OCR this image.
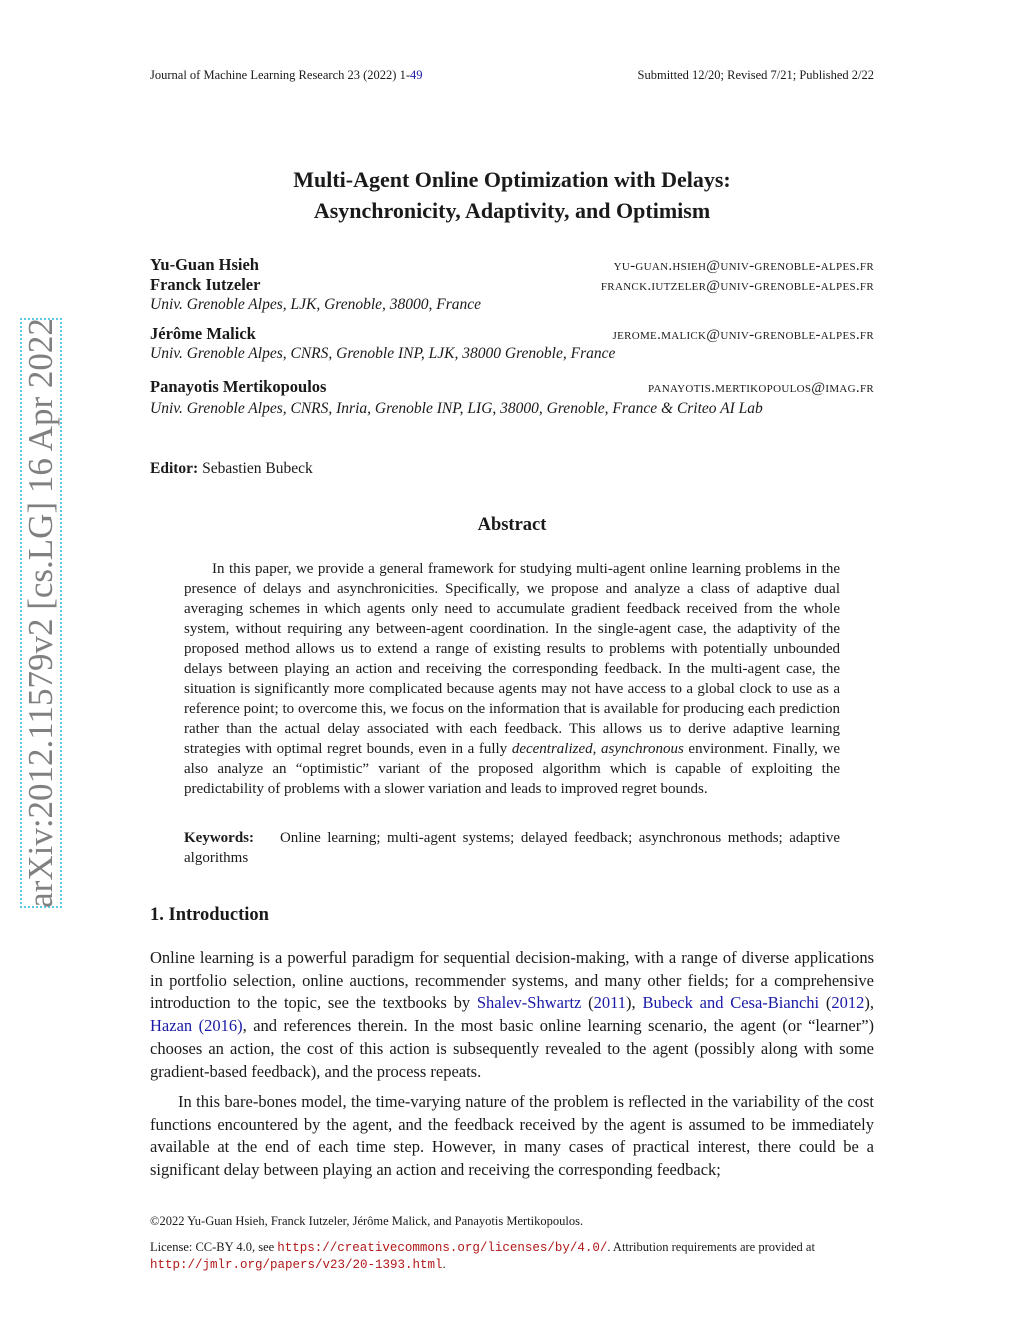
Journal of Machine Learning Research 23 (2022) 1-49	Submitted 12/20; Revised 7/21; Published 2/22
Multi-Agent Online Optimization with Delays:
Asynchronicity, Adaptivity, and Optimism
Yu-Guan Hsieh	yu-guan.hsieh@univ-grenoble-alpes.fr
Franck Iutzeler	franck.iutzeler@univ-grenoble-alpes.fr
Univ. Grenoble Alpes, LJK, Grenoble, 38000, France
Jérôme Malick	jerome.malick@univ-grenoble-alpes.fr
Univ. Grenoble Alpes, CNRS, Grenoble INP, LJK, 38000 Grenoble, France
Panayotis Mertikopoulos	panayotis.mertikopoulos@imag.fr
Univ. Grenoble Alpes, CNRS, Inria, Grenoble INP, LIG, 38000, Grenoble, France & Criteo AI Lab
Editor: Sebastien Bubeck
Abstract
In this paper, we provide a general framework for studying multi-agent online learning problems in the presence of delays and asynchronicities. Specifically, we propose and analyze a class of adaptive dual averaging schemes in which agents only need to accumulate gradient feedback received from the whole system, without requiring any between-agent coordination. In the single-agent case, the adaptivity of the proposed method allows us to extend a range of existing results to problems with potentially unbounded delays between playing an action and receiving the corresponding feedback. In the multi-agent case, the situation is significantly more complicated because agents may not have access to a global clock to use as a reference point; to overcome this, we focus on the information that is available for producing each prediction rather than the actual delay associated with each feedback. This allows us to derive adaptive learning strategies with optimal regret bounds, even in a fully decentralized, asynchronous environment. Finally, we also analyze an “optimistic” variant of the proposed algorithm which is capable of exploiting the predictability of problems with a slower variation and leads to improved regret bounds.
Keywords: Online learning; multi-agent systems; delayed feedback; asynchronous methods; adaptive algorithms
1. Introduction
Online learning is a powerful paradigm for sequential decision-making, with a range of diverse applications in portfolio selection, online auctions, recommender systems, and many other fields; for a comprehensive introduction to the topic, see the textbooks by Shalev-Shwartz (2011), Bubeck and Cesa-Bianchi (2012), Hazan (2016), and references therein. In the most basic online learning scenario, the agent (or “learner”) chooses an action, the cost of this action is subsequently revealed to the agent (possibly along with some gradient-based feedback), and the process repeats.
In this bare-bones model, the time-varying nature of the problem is reflected in the variability of the cost functions encountered by the agent, and the feedback received by the agent is assumed to be immediately available at the end of each time step. However, in many cases of practical interest, there could be a significant delay between playing an action and receiving the corresponding feedback;
©2022 Yu-Guan Hsieh, Franck Iutzeler, Jérôme Malick, and Panayotis Mertikopoulos.
License: CC-BY 4.0, see https://creativecommons.org/licenses/by/4.0/. Attribution requirements are provided at
http://jmlr.org/papers/v23/20-1393.html.
arXiv:2012.11579v2 [cs.LG] 16 Apr 2022
